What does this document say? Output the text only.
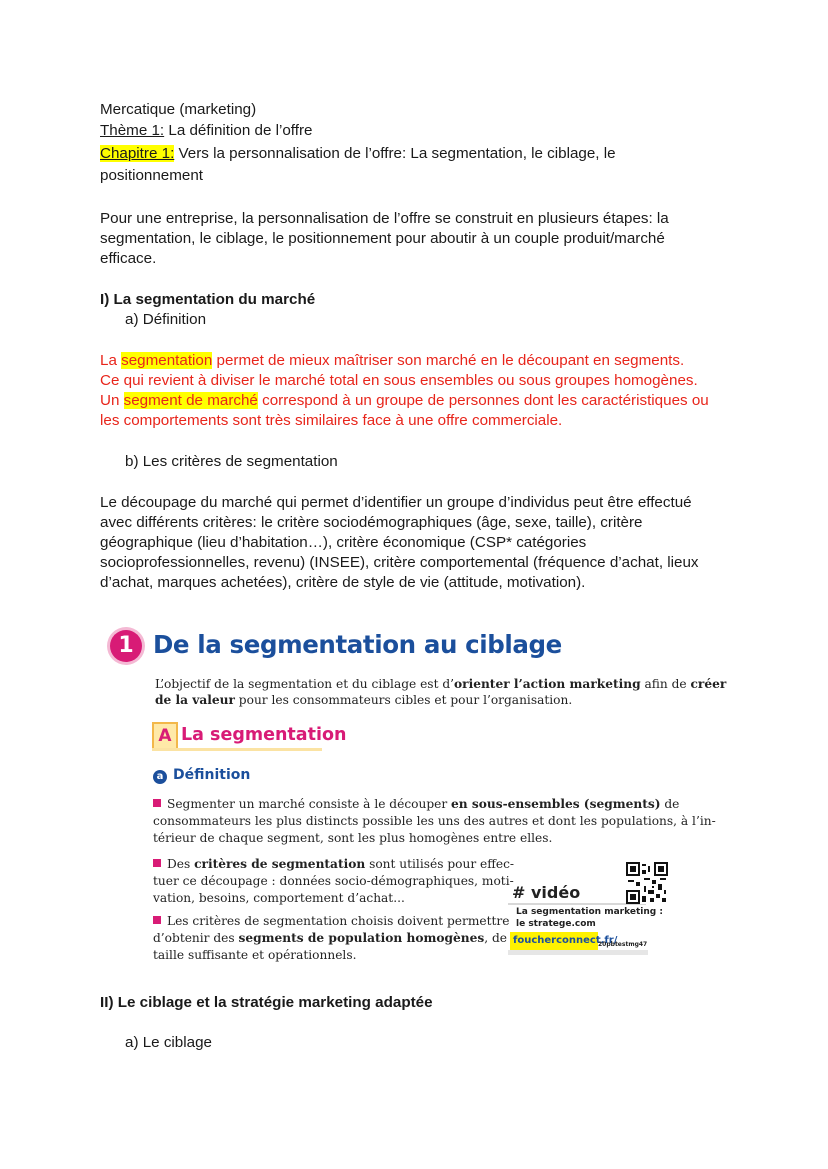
Mercatique (marketing)
Thème 1: La définition de l’offre
Chapitre 1: Vers la personnalisation de l’offre: La segmentation, le ciblage, le
positionnement
Pour une entreprise, la personnalisation de l’offre se construit en plusieurs étapes: la
segmentation, le ciblage, le positionnement pour aboutir à un couple produit/marché
efficace.
I) La segmentation du marché
a) Définition
La segmentation permet de mieux maîtriser son marché en le découpant en segments.
Ce qui revient à diviser le marché total en sous ensembles ou sous groupes homogènes.
Un segment de marché correspond à un groupe de personnes dont les caractéristiques ou
les comportements sont très similaires face à une offre commerciale.
b) Les critères de segmentation
Le découpage du marché qui permet d’identifier un groupe d’individus peut être effectué
avec différents critères: le critère sociodémographiques (âge, sexe, taille), critère
géographique (lieu d’habitation…), critère économique (CSP* catégories
socioprofessionnelles, revenu) (INSEE), critère comportemental (fréquence d’achat, lieux
d’achat, marques achetées), critère de style de vie (attitude, motivation).
1 De la segmentation au ciblage
L’objectif de la segmentation et du ciblage est d’orienter l’action marketing afin de créer
de la valeur pour les consommateurs cibles et pour l’organisation.
A La segmentation
a Définition
Segmenter un marché consiste à le découper en sous-ensembles (segments) de
consommateurs les plus distincts possible les uns des autres et dont les populations, à l’in-
térieur de chaque segment, sont les plus homogènes entre elles.
Des critères de segmentation sont utilisés pour effec-
tuer ce découpage : données socio-démographiques, moti-
vation, besoins, comportement d’achat...
Les critères de segmentation choisis doivent permettre
d’obtenir des segments de population homogènes, de
taille suffisante et opérationnels.
# vidéo
La segmentation marketing :
le stratege.com
foucherconnect.fr/
20pbtestmg47
II) Le ciblage et la stratégie marketing adaptée
a) Le ciblage
